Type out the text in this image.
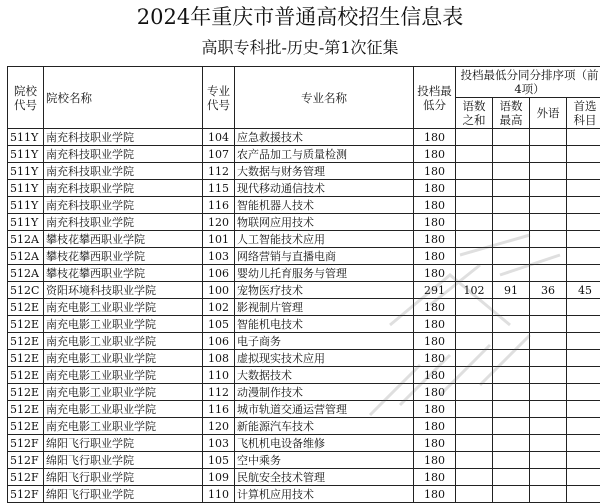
2024年重庆市普通高校招生信息表
高职专科批-历史-第1次征集
院校代号	院校名称	专业代号	专业名称	投档最低分	投档最低分同分排序项（前4项）			
					语数之和	语数最高	外语	首选科目
511Y	南充科技职业学院	104	应急救援技术	180				
511Y	南充科技职业学院	107	农产品加工与质量检测	180				
511Y	南充科技职业学院	112	大数据与财务管理	180				
511Y	南充科技职业学院	115	现代移动通信技术	180				
511Y	南充科技职业学院	116	智能机器人技术	180				
511Y	南充科技职业学院	120	物联网应用技术	180				
512A	攀枝花攀西职业学院	101	人工智能技术应用	180				
512A	攀枝花攀西职业学院	103	网络营销与直播电商	180				
512A	攀枝花攀西职业学院	106	婴幼儿托育服务与管理	180				
512C	资阳环境科技职业学院	100	宠物医疗技术	291	102	91	36	45
512E	南充电影工业职业学院	102	影视制片管理	180				
512E	南充电影工业职业学院	105	智能机电技术	180				
512E	南充电影工业职业学院	106	电子商务	180				
512E	南充电影工业职业学院	108	虚拟现实技术应用	180				
512E	南充电影工业职业学院	110	大数据技术	180				
512E	南充电影工业职业学院	112	动漫制作技术	180				
512E	南充电影工业职业学院	116	城市轨道交通运营管理	180				
512E	南充电影工业职业学院	120	新能源汽车技术	180				
512F	绵阳飞行职业学院	103	飞机机电设备维修	180				
512F	绵阳飞行职业学院	105	空中乘务	180				
512F	绵阳飞行职业学院	109	民航安全技术管理	180				
512F	绵阳飞行职业学院	110	计算机应用技术	180				
